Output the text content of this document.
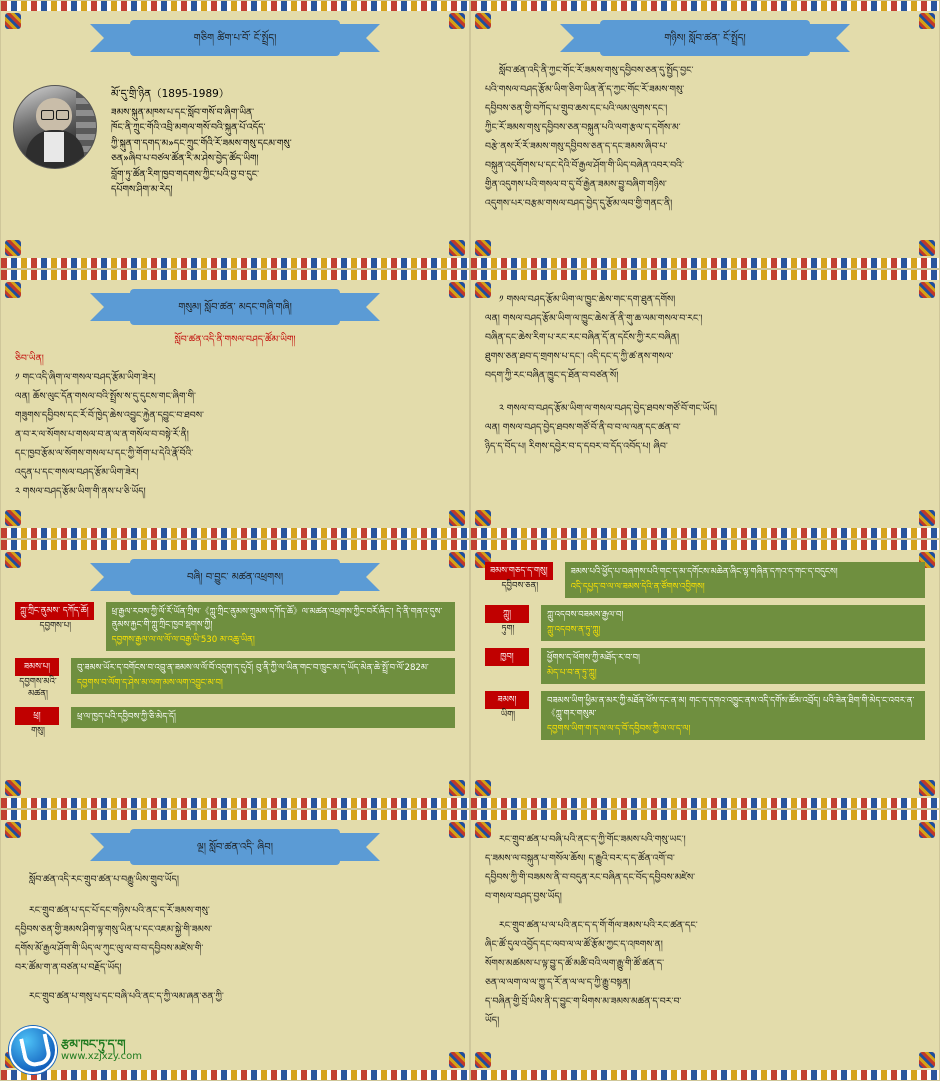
གཅིག ཚིག་པ་བོ་ ངོ་སྤྲོད།
མོ་དུ་གྲི་ཉིན（1895-1989）

ཟམས་སྐུན་མཁས་པ་དང་སློབ་གསོ་བ་ཞིག་ཡིན་

ཁོང་ནི་ཀྲུང་གོའི་འབྲི་མགལ་གསོ་བའི་སྐུན་པོ་འདོད་

ཀྱི་སྐུན་ག་དགད་མ»དང་ཀྲུང་གོའི་རོ་ཟམས་གསུ་དངམ་གསུ་

ཅན»ཞིབ་པ་བཙལ་ཚོན་རི་མ་ཤེས་བྱེད་ཚོད་ཡིག།

བློག་ཏུ་ཚོན་རིག་ཁྱབ་གདགས་ཀྱིང་པའི་བྱ་བ་དུང་

དཔོགས་ཤིག་མ་རེད།

གཉིས། སློབ་ཚན་ ངོ་སྤྲོད།

སློབ་ཚན་འདི་ནི་ཀྱང་གོང་རོ་ཟམས་གསུ་དབྱིབས་ཅན་དུ་སྤྱོད་བྱང་

པའི་གསལ་བཤད་རྩོམ་ཡིག་ཅིག་ཡིན་ནོ་ད་ཀྱང་གོང་རོ་ཟམས་གསུ་

དབྱིབས་ཅན་གྱི་བཀོད་པ་གྲུབ་ཆས་དང་པའི་ལམ་ལུགས་དང་།

ཀྱིང་རོ་ཟམས་གསུ་དབྱིབས་ཅན་བསྐུན་པའི་ལག་རྩལ་ད་དགོས་མ་

བརྩེ་ནས་རོ་རོ་ཟམས་གསུ་དབྱིབས་ཅན་ད་དང་ཟམས་ཞིབ་པ་

བསྐུན་འདུགོགས་པ་དང་དེའི་བོ་རྒྱལ་ཤོག་གི་ཡིད་བཞེན་འབར་བའི་

གྱིན་འདུགས་པའི་གསལ་བ་དུ་བོ་རྒྱེན་ཟམས་བྱུ་བཞིག་གཉིས་

འདུགས་པར་བརྩམ་གསལ་བཤད་བྱེད་དུ་རྩོམ་ལབ་གྱི་གནང་ནི།

གསུམ། སློབ་ཚན་ མདང་གཞི་གཞི།

སློབ་ཚན་འདི་ནི་གསལ་བཤད་ཚོམ་ཡིག།

ཅིབ་ཡིན།

༡ གང་འདི་ཞིག་ལ་གསལ་བཤད་རྩོམ་ཡིག་ཟེར།

ལན། ཆོས་ལུང་དོན་གསལ་བའི་སྤྲོས་ས་དུ་དུངས་གང་ཞིག་གི་

གཟུགས་དབྱིབས་དང་རོ་བོ་ཁྱེད་ཆེས་འབྱུང་རྐྱེན་དབྱུང་བ་ཐབས་

ན་བ་ར་ལ་སོགས་པ་གསལ་བ་ན་ལ་ན་གསོལ་བ་བསྟེ་རོ་ནི།

དང་ཁྱབ་རྩོམ་ལ་སོགས་གསལ་པ་དང་ཀྱི་གོག་པ་དེའི་རྣོ་བོའི་

འདུན་པ་དང་གསལ་བཤད་རྩོམ་ཡིག་ཟེར།

༢ གསལ་བཤད་རྩོམ་ཡིག་གི་ནས་པ་ཅི་ཡོད།

༡ གསལ་བཤད་རྩོམ་ཡིག་ལ་ཁྱུང་ཆེས་གང་དག་ཐུན་དགོས།

ལན། གསལ་བཤད་རྩོམ་ཡིག་ལ་ཁྱུང་ཆེས་ནོ་ནི་གུ་ཆ་ལམ་གསལ་བ་རང་།

བཞིན་དང་ཆེས་རིག་པ་རང་རང་བཞིན་དོ་ན་དངོས་ཀྱི་རང་བཞིན།

ཐུགས་ཅན་ཐབ་ད་གྲགས་པ་དང་། འདི་དང་ད་ཀྱི་ཚ་ནས་གསལ་

བདག་ཀྱི་རང་བཞིན་ཁྱུང་ད་ཐོན་བ་བཙན་སོ།

༢ གསལ་བ་བཤད་རྩོམ་ཡིག་ལ་གསལ་བཤད་བྱེད་ཐབས་གཙོ་བོ་གང་ཡོད།

ལན། གསལ་བཤད་བྱེད་ཐབས་གཙོ་བོ་ནི་བ་བ་ལ་ལན་དང་ཚན་བ་

ཉིད་ད་བོད་པ། རིགས་དབྱེར་བ་ད་དབར་བ་དོད་འབོད་པ། ཞིབ་

བཞི། བ་བྱུང་ མཚན་འཕྲགས།
ཀླུ་ཀྲིང་ནུམས་ དཀོད་ཆོ།
དབྱགས་པ།
ཕྲ་རྒྱལ་རབས་ཀྱི་ལོ་རོ་ཡོན་ཀྲིས་《ཀླུ་ཀྲིང་ནུམས་ཀྲུམས་དཀོད་ཆོ》ལ་མཚན་འཕྲགས་ཀྱིང་བརོ་ཞིང་། དེ་ནི་གནའ་དུས་ནུམས་རྐྱང་གི་ཀླུ་ཀྲིང་ཁྱབ་སྡགས་ཀྱི།
དབྱགས་རྒྱལ་ལ་ལ་ལོ་ལ་བརྒྱ་ཡི་530 མ་འཆུ་ཡིན།
ཟམས་པ།
དབྱགས་མའི་མཚན།
བུ་ཟམས་ཡོར་ད་བགོངས་བ་འབྲུ་ན་ཟམས་ལ་ལོ་བོ་འདུག་ད་དུའོ། བུ་ནི་ཀྱི་ལ་ཡིན་གང་བ་ཁྲུང་མ་ད་ཡོད་མེན་ཆེ་སྤྲོ་བ་ལོ་282མ་
དབྱགས་བ་ལོག་ད་ཤེས་མ་ལག་མས་ལག་འབྱུང་མ་བ།
ཕྲ།
གསུ།
ཕྲ་ལ་ཁྱད་པའི་དབྱིབས་ཀྱི་ཅི་མེད་དོ།
ཟམས་གཅད་ད་གསུ།
དབྱིབས་ཅན།
ཟམས་པའི་ཕྱོད་པ་བཞགས་པའི་གང་ད་མ་དགོངས་མཆེན་ཞིང་ལྷ་གཞིན་དཀའ་ད་གང་ད་བདུངས།
འདི་དཔྱད་བ་ལ་ལ་ཟམས་དེའི་ན་ཙོགས་འབྱིགས།
ཀླུ།
ཏུག།
ཀླུ་འདབས་བཟམས་རྒྱལ་བ།
ཀླུ་འདབས་ན་ཏུ་ཀླུ།
ཁྱབ།	ཕྱོགས་ད་ཕོགས་ཀྱི་མཐོད་ར་བ་བ།
མེད་པ་བ་ན་ཏུ་ཀླུ།
ཟམས།
ཡིག།
བཟམས་ཡིག་ཕྱིམ་ན་མར་ཀྱི་མཐོན་ཕོས་དང་ན་མ། གང་ད་དགའ་འཁྱུང་ནས་འདི་དགོས་ཚོམ་འབྲོད། པའི་ཟེན་ཐིག་གི་མེད་ང་འབར་ན་《ཀླུ་གར་གསུམ་
དབྱགས་ཡིག་ག་ད་ལ་ལ་ད་བོ་དབྱིབས་ཀྱི་ལ་ལ་ད་ལ།
ལྔ། སློབ་ཚན་འདི་ ཞིབ།

སློབ་ཚན་འདི་རང་གྲུབ་ཚན་པ་བརྒྱུ་ཡིས་གྲུབ་ཡོད།

རང་གྲུབ་ཚན་པ་དང་པོ་དང་གཉིས་པའི་ནང་ད་རོ་ཟམས་གསུ་

དབྱིབས་ཅན་གྱི་ཟམས་ཤིག་ལྟ་གསུ་ཡིན་པ་དང་འཇམ་སྐྱེ་གི་ཟམས་

དགོས་མོ་རྒྱལ་ཤོག་གི་ཡིད་ལ་ཀུང་ལུ་ལ་བ་བ་དབྱིབས་མཛེས་གི་

བར་ཚོམ་ག་ན་བཙན་པ་བརྗོད་ཡོད།

རང་གྲུབ་ཚན་པ་གསུ་པ་དང་བཞི་པའི་ནང་ད་ཀྱི་ལམ་ཞན་ཅན་ཀྱི་

རྩམ་ཁང་ཏུ་ད་ག
www.xzjxzy.com

རང་གྲུབ་ཚན་པ་བཞི་པའི་ནང་ད་ཀྱི་གོང་ཟམས་པའི་གསུ་ཡང་།

ད་ཟམས་ལ་བསྐུན་པ་གསོལ་ཆོས། ད་རྒྱུའི་བར་ད་ད་ཚོན་འགོ་བ་

དབྱིབས་ཀྱི་གི་བཟམས་ནི་བ་བདུན་རང་བཞིན་དང་བོད་དབྱིབས་མཛེས་

བ་གསལ་བཤད་བྱས་ཡོད།

རང་གྲུབ་ཚན་པ་ལ་པའི་ནང་ད་ད་གོ་གོལ་ཟམས་པའི་རང་ཚན་དང་

ཞིང་ཚོ་དུལ་འབྱོད་དང་ལབ་ལ་ལ་ཚོ་རྩོམ་ཀྱང་ད་འཁགས་ན།

སོགས་མཚམས་པ་ལྟ་བྱུ་ད་ཚོ་མཚི་བའི་ལག་རྒྱུ་གི་ཚོ་ཚན་ད་

ཅན་ལ་ལག་ལ་ལ་ཀྱུ་ད་རོ་ན་ལ་ལ་ད་ཀྱི་རྒྱུ་བསྟན།

ད་བཞིན་གྱི་བྲོ་ཡིས་ནི་ད་བྱུང་ག་ཕིགས་མ་ཟམས་མཚན་ད་བར་བ་

ཡོད།
